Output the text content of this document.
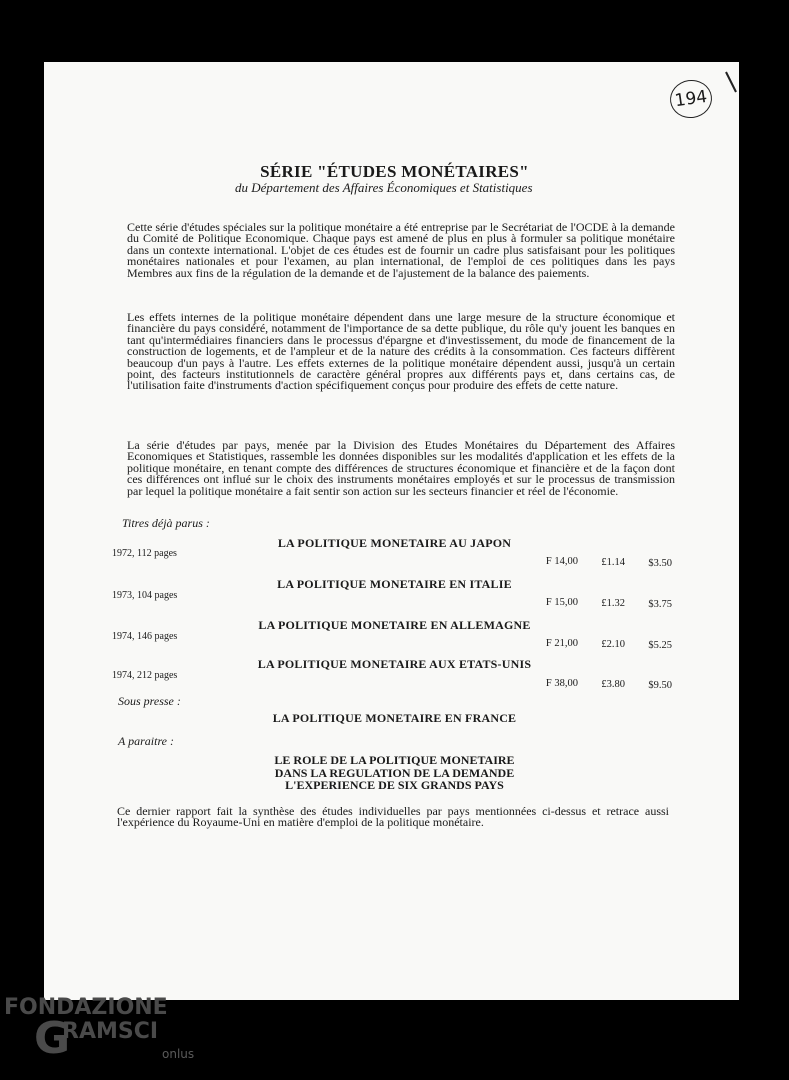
194
SÉRIE "ÉTUDES MONÉTAIRES"
du Département des Affaires Économiques et Statistiques

Cette série d'études spéciales sur la politique monétaire a été entreprise par le Secrétariat de l'OCDE à la demande du Comité de Politique Economique. Chaque pays est amené de plus en plus à formuler sa politique monétaire dans un contexte international. L'objet de ces études est de fournir un cadre plus satisfaisant pour les politiques monétaires nationales et pour l'examen, au plan international, de l'emploi de ces politiques dans les pays Membres aux fins de la régulation de la demande et de l'ajustement de la balance des paiements.

Les effets internes de la politique monétaire dépendent dans une large mesure de la structure économique et financière du pays considéré, notamment de l'importance de sa dette publique, du rôle qu'y jouent les banques en tant qu'intermédiaires financiers dans le processus d'épargne et d'investissement, du mode de financement de la construction de logements, et de l'ampleur et de la nature des crédits à la consommation. Ces facteurs diffèrent beaucoup d'un pays à l'autre. Les effets externes de la politique monétaire dépendent aussi, jusqu'à un certain point, des facteurs institutionnels de caractère général propres aux différents pays et, dans certains cas, de l'utilisation faite d'instruments d'action spécifiquement conçus pour produire des effets de cette nature.

La série d'études par pays, menée par la Division des Etudes Monétaires du Département des Affaires Economiques et Statistiques, rassemble les données disponibles sur les modalités d'application et les effets de la politique monétaire, en tenant compte des différences de structures économique et financière et de la façon dont ces différences ont influé sur le choix des instruments monétaires employés et sur le processus de transmission par lequel la politique monétaire a fait sentir son action sur les secteurs financier et réel de l'économie.

Titres déjà parus :
LA POLITIQUE MONETAIRE AU JAPON
1972, 112 pages
F 14,00	£1.14	$3.50
LA POLITIQUE MONETAIRE EN ITALIE
1973, 104 pages
F 15,00	£1.32	$3.75
LA POLITIQUE MONETAIRE EN ALLEMAGNE
1974, 146 pages
F 21,00	£2.10	$5.25
LA POLITIQUE MONETAIRE AUX ETATS-UNIS
1974, 212 pages
F 38,00	£3.80	$9.50
Sous presse :
LA POLITIQUE MONETAIRE EN FRANCE
A paraitre :
LE ROLE DE LA POLITIQUE MONETAIRE
DANS LA REGULATION DE LA DEMANDE
L'EXPERIENCE DE SIX GRANDS PAYS

Ce dernier rapport fait la synthèse des études individuelles par pays mentionnées ci-dessus et retrace aussi l'expérience du Royaume-Uni en matière d'emploi de la politique monétaire.

FONDAZIONE
G
RAMSCI
onlus
